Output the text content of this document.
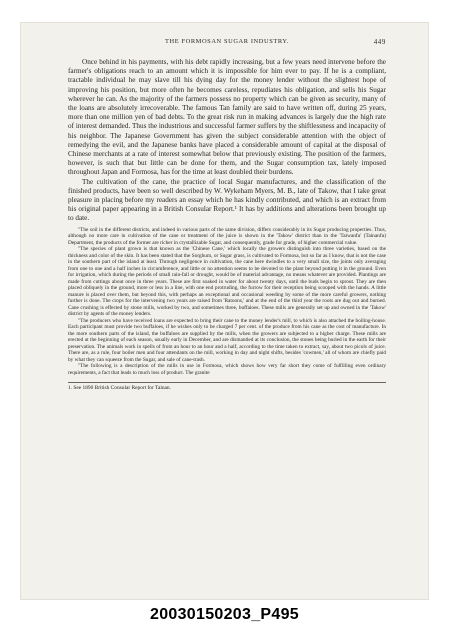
THE FORMOSAN SUGAR INDUSTRY.	449

Once behind in his payments, with his debt rapidly increasing, but a few years need intervene before the farmer's obligations reach to an amount which it is impossible for him ever to pay. If he is a compliant, tractable individual he may slave till his dying day for the money lender without the slightest hope of improving his position, but more often he becomes careless, repudiates his obligation, and sells his Sugar wherever he can. As the majority of the farmers possess no property which can be given as security, many of the loans are absolutely irrecoverable. The famous Tan family are said to have written off, during 25 years, more than one million yen of bad debts. To the great risk run in making advances is largely due the high rate of interest demanded. Thus the industrious and successful farmer suffers by the shiftlessness and incapacity of his neighbor. The Japanese Government has given the subject considerable attention with the object of remedying the evil, and the Japanese banks have placed a considerable amount of capital at the disposal of Chinese merchants at a rate of interest somewhat below that previously existing. The position of the farmers, however, is such that but little can be done for them, and the Sugar consumption tax, lately imposed throughout Japan and Formosa, has for the time at least doubled their burdens.

The cultivation of the cane, the practice of local Sugar manufactures, and the classification of the finished products, have been so well described by W. Wykeham Myers, M. B., late of Takow, that I take great pleasure in placing before my readers an essay which he has kindly contributed, and which is an extract from his original paper appearing in a British Consular Report.¹ It has by additions and alterations been brought up to date.

"The soil in the different districts, and indeed in various parts of the same division, differs considerably in its Sugar producing properties. Thus, although no more care in cultivation of the cane or treatment of the juice is shown in the 'Takow' district than in the 'Taiwanfu' (Tainanfu) Department, the products of the former are richer in crystallizable Sugar, and consequently, grade for grade, of higher commercial value.

"The species of plant grown is that known as the 'Chinese Cane,' which locally the growers distinguish into three varieties, based on the thickness and color of the skin. It has been stated that the Sorghum, or Sugar grass, is cultivated to Formosa, but so far as I know, that is not the case in the southern part of the island at least. Through negligence in cultivation, the cane here dwindles to a very small size, the joints only averaging from one to one and a half inches in circumference, and little or no attention seems to be devoted to the plant beyond putting it in the ground. Even for irrigation, which during the periods of small rain-fall or drought, would be of material advantage, no means whatever are provided. Plantings are made from cuttings about once in three years. These are first soaked in water for about twenty days, until the buds begin to sprout. They are then placed obliquely in the ground, more or less in a line, with one end protruding, the furrow for their reception being scooped with the hands. A little manure is placed over them, but beyond this, with perhaps an exceptional and occasional weeding by some of the more careful growers, nothing further is done. The crops for the intervening two years are raised from 'Ratoons,' and at the end of the third year the roots are dug out and burned. Cane crushing is effected by stone mills, worked by two, and sometimes three, buffaloes. These mills are generally set up and owned in the 'Takow' district by agents of the money lenders.

"The producers who have received loans are expected to bring their cane to the money lender's mill, to which is also attached the boiling-house. Each participant must provide two buffaloes, if he wishes only to be charged 7 per cent. of the produce from his cane as the cost of manufacture. In the more southern parts of the island, the buffaloes are supplied by the mills, when the growers are subjected to a higher charge. These mills are erected at the beginning of each season, usually early in December, and are dismantled at its conclusion, the stones being buried in the earth for their preservation. The animals work in spells of from an hour to an hour and a half, according to the time taken to extract, say, about two picols of juice. There are, as a rule, four boiler men and four attendants on the mill, working in day and night shifts, besides 'cowmen,' all of whom are chiefly paid by what they can squeeze from the Sugar, and sale of cane-trash.

"The following is a description of the mills in use in Formosa, which shows how very far short they come of fulfilling even ordinary requirements, a fact that leads to much loss of product. The granite

1. See 1890 British Consular Report for Tainan.
20030150203_P495
